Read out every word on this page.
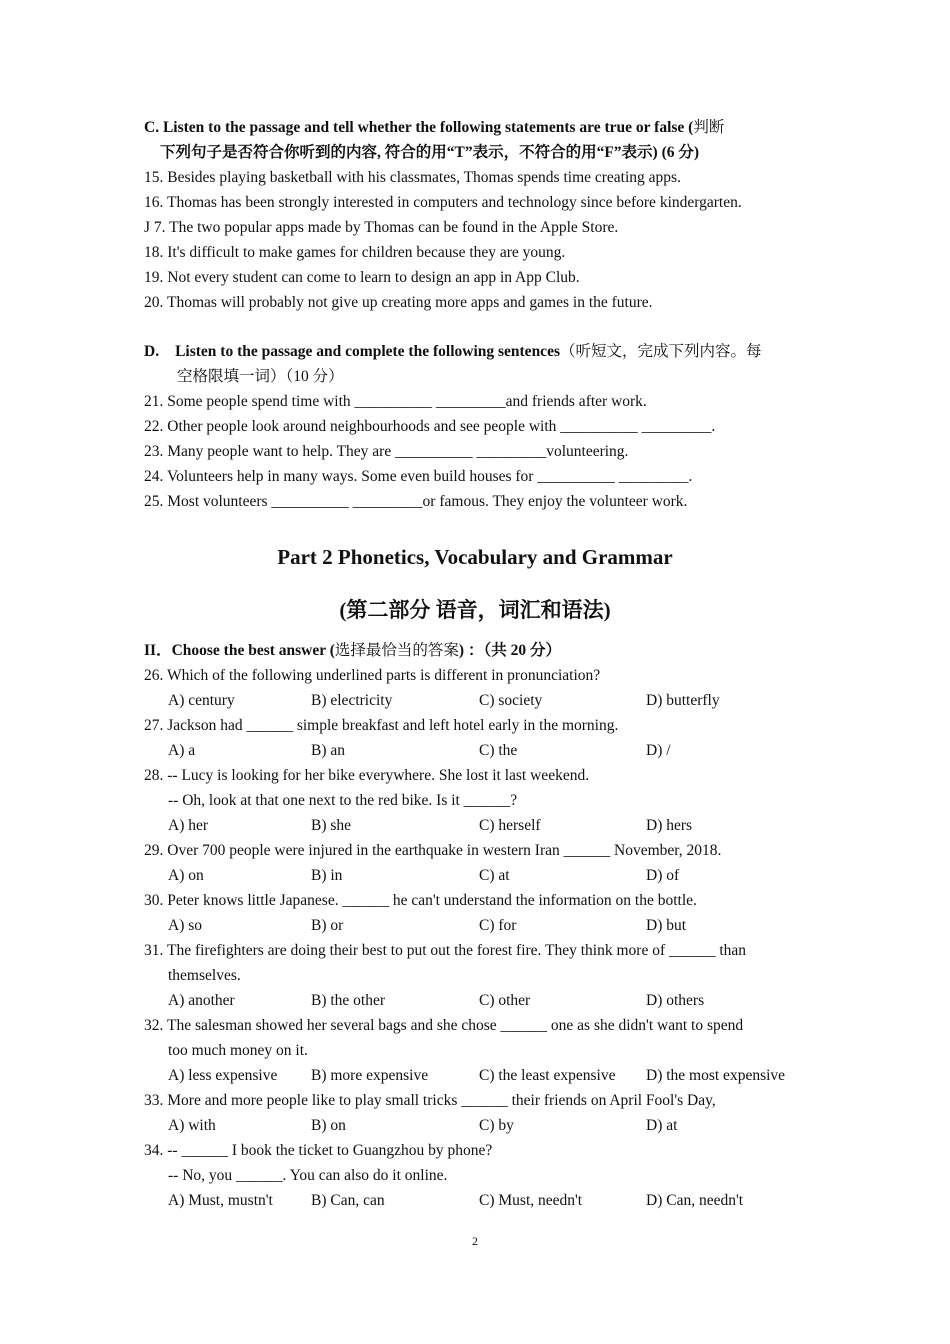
C. Listen to the passage and tell whether the following statements are true or false (判断
下列句子是否符合你听到的内容, 符合的用“T”表示，不符合的用“F”表示) (6 分)
15. Besides playing basketball with his classmates, Thomas spends time creating apps.
16. Thomas has been strongly interested in computers and technology since before kindergarten.
J 7. The two popular apps made by Thomas can be found in the Apple Store.
18. It's difficult to make games for children because they are young.
19. Not every student can come to learn to design an app in App Club.
20. Thomas will probably not give up creating more apps and games in the future.
D. Listen to the passage and complete the following sentences（听短文，完成下列内容。每
空格限填一词）（10 分）
21. Some people spend time with __________ _________and friends after work.
22. Other people look around neighbourhoods and see people with __________ _________.
23. Many people want to help. They are __________ _________volunteering.
24. Volunteers help in many ways. Some even build houses for __________ _________.
25. Most volunteers __________ _________or famous. They enjoy the volunteer work.
Part 2 Phonetics, Vocabulary and Grammar
(第二部分 语音，词汇和语法)
II．Choose the best answer (选择最恰当的答案) ：（共 20 分）
26. Which of the following underlined parts is different in pronunciation?
A) century	B) electricity	C) society	D) butterfly
27. Jackson had ______ simple breakfast and left hotel early in the morning.
A) a	B) an	C) the	D) /
28. -- Lucy is looking for her bike everywhere. She lost it last weekend.
-- Oh, look at that one next to the red bike. Is it ______?
A) her	B) she	C) herself	D) hers
29. Over 700 people were injured in the earthquake in western Iran ______ November, 2018.
A) on	B) in	C) at	D) of
30. Peter knows little Japanese. ______ he can't understand the information on the bottle.
A) so	B) or	C) for	D) but
31. The firefighters are doing their best to put out the forest fire. They think more of ______ than
themselves.
A) another	B) the other	C) other	D) others
32. The salesman showed her several bags and she chose ______ one as she didn't want to spend
too much money on it.
A) less expensive B) more expensive	C) the least expensive D) the most expensive
33. More and more people like to play small tricks ______ their friends on April Fool's Day,
A) with	B) on	C) by	D) at
34. -- ______ I book the ticket to Guangzhou by phone?
-- No, you ______. You can also do it online.
A) Must, mustn't B) Can, can	C) Must, needn't	D) Can, needn't
2
